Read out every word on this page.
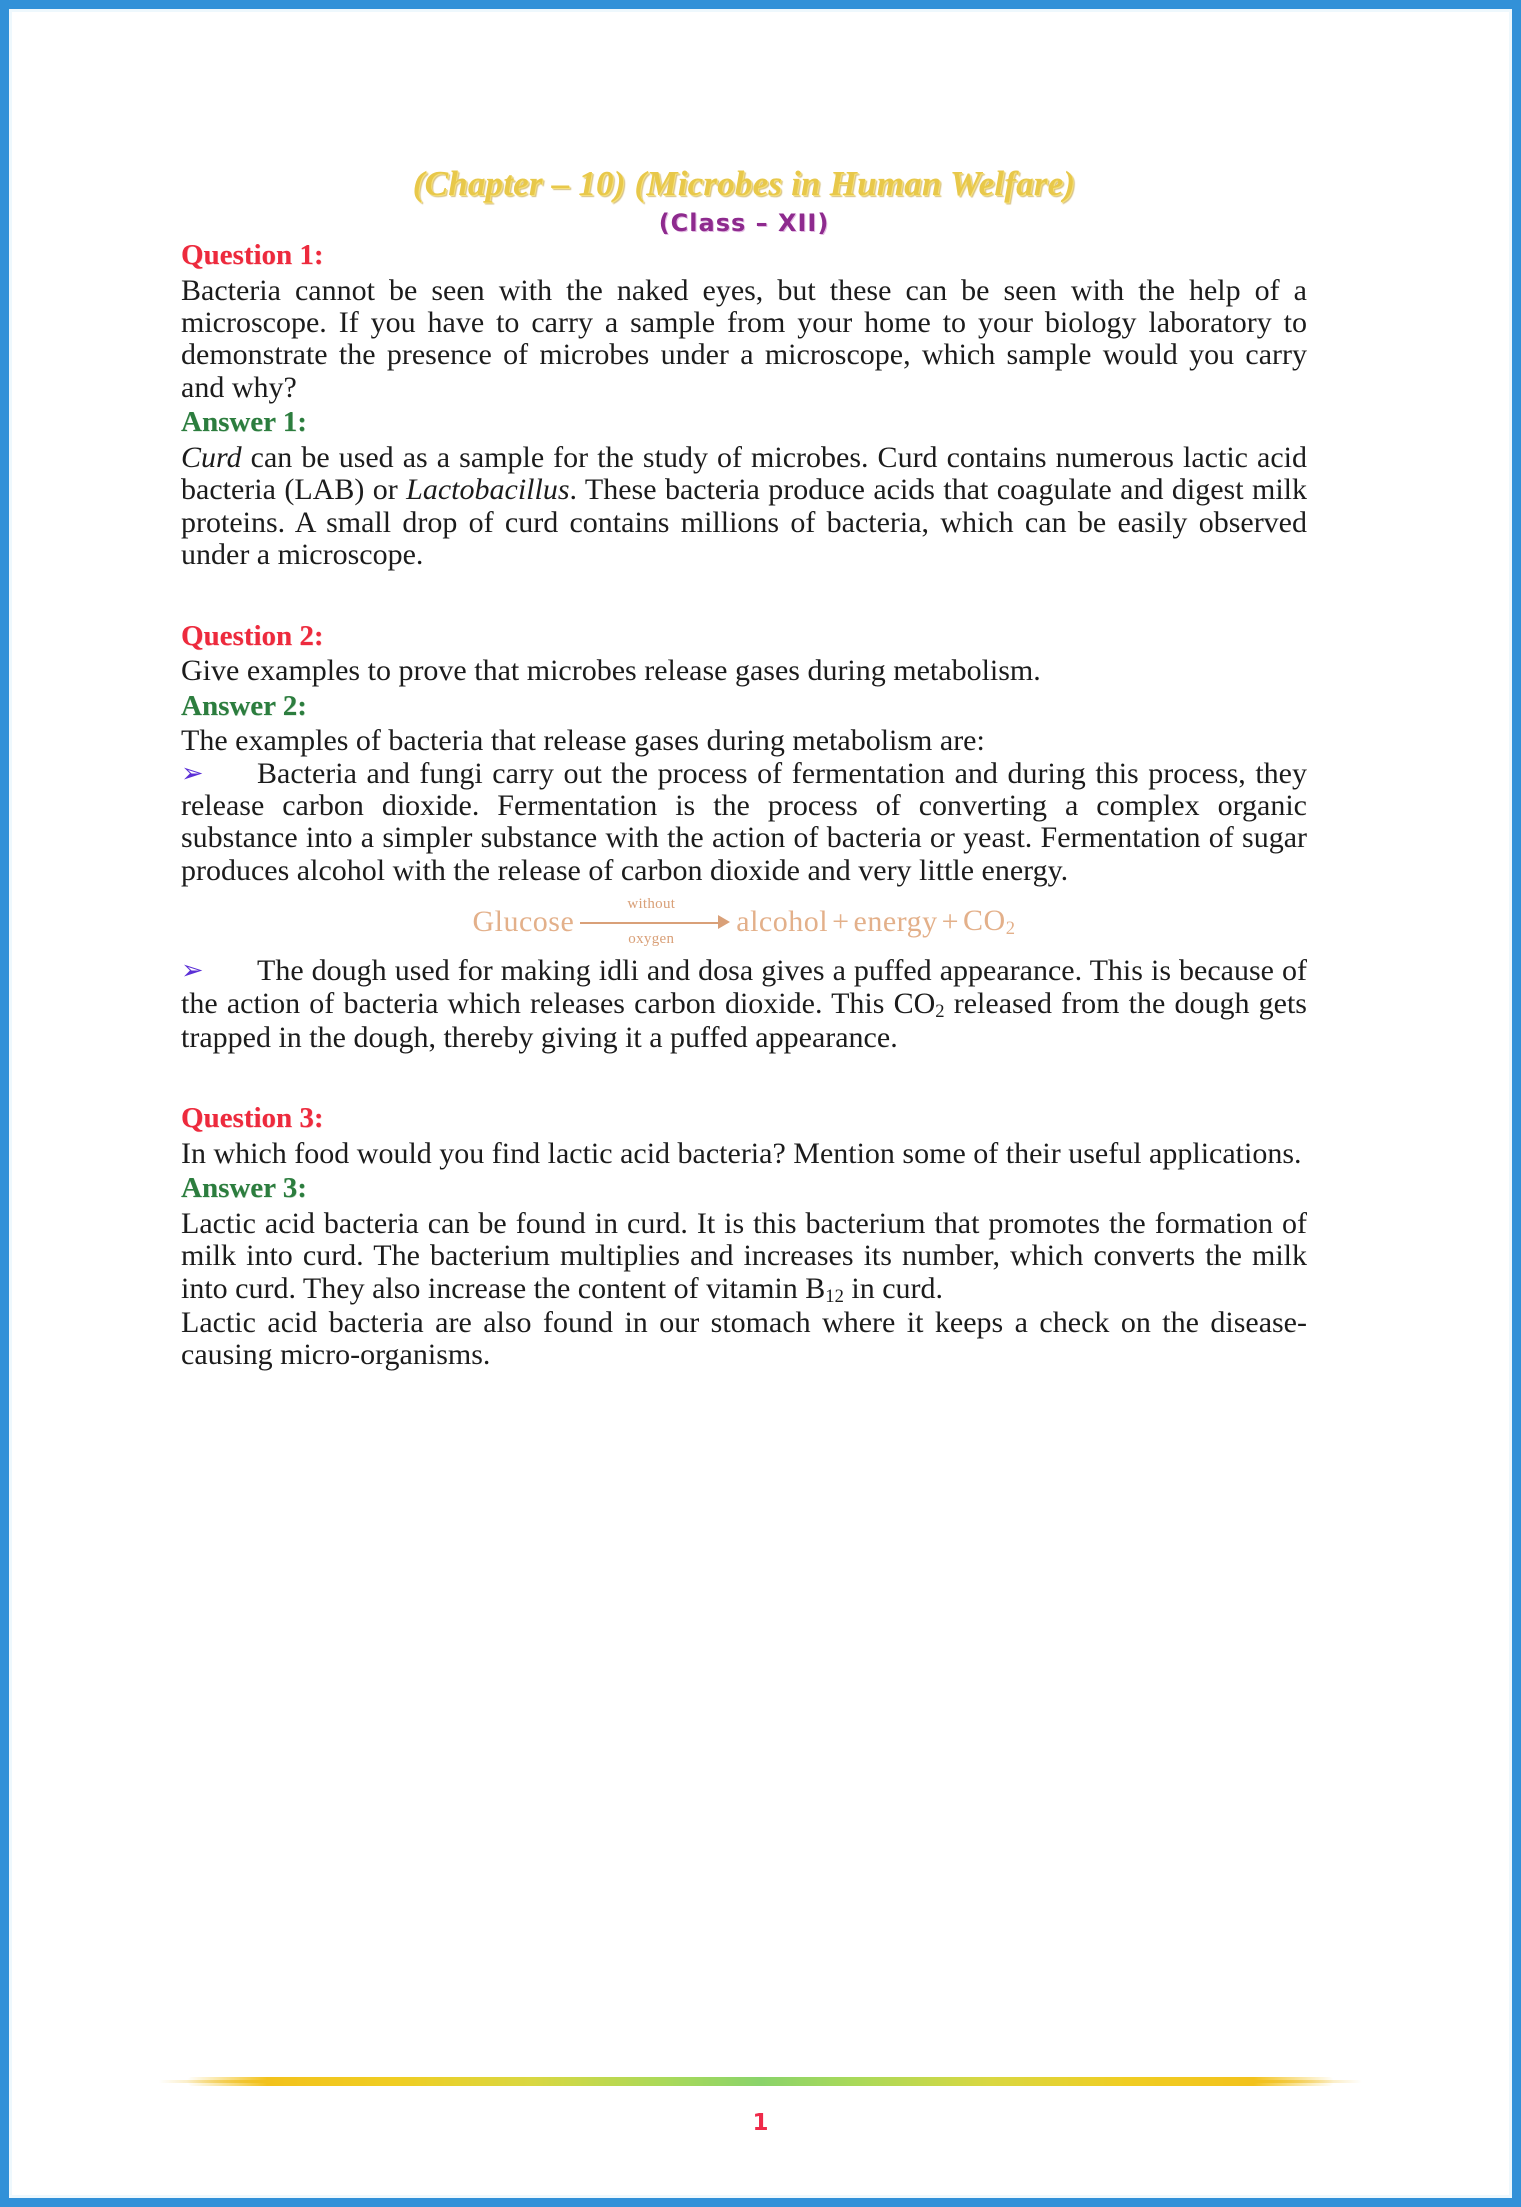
(Chapter – 10) (Microbes in Human Welfare)
(Class – XII)
Question 1:

Bacteria cannot be seen with the naked eyes, but these can be seen with the help of a microscope. If you have to carry a sample from your home to your biology laboratory to demonstrate the presence of microbes under a microscope, which sample would you carry and why?

Answer 1:

Curd can be used as a sample for the study of microbes. Curd contains numerous lactic acid bacteria (LAB) or Lactobacillus. These bacteria produce acids that coagulate and digest milk proteins. A small drop of curd contains millions of bacteria, which can be easily observed under a microscope.

Question 2:

Give examples to prove that microbes release gases during metabolism.

Answer 2:

The examples of bacteria that release gases during metabolism are:

➢	Bacteria and fungi carry out the process of fermentation and during this process, they release carbon dioxide. Fermentation is the process of converting a complex organic substance into a simpler substance with the action of bacteria or yeast. Fermentation of sugar produces alcohol with the release of carbon dioxide and very little energy.

Glucose
without
oxygen
alcohol + energy + $CO_2$

➢	The dough used for making idli and dosa gives a puffed appearance. This is because of the action of bacteria which releases carbon dioxide. This $CO_2$ released from the dough gets trapped in the dough, thereby giving it a puffed appearance.

Question 3:

In which food would you find lactic acid bacteria? Mention some of their useful applications.

Answer 3:

Lactic acid bacteria can be found in curd. It is this bacterium that promotes the formation of milk into curd. The bacterium multiplies and increases its number, which converts the milk into curd. They also increase the content of vitamin $B_{12}$ in curd.

Lactic acid bacteria are also found in our stomach where it keeps a check on the disease-causing micro-organisms.

1
